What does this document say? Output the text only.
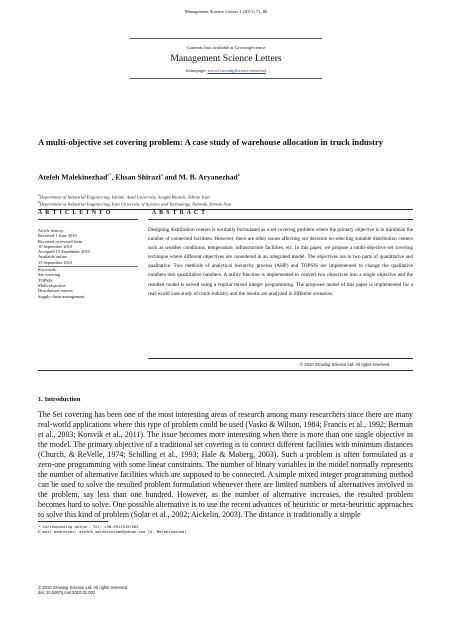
Management Science Letters 1 (2011) 71–80
Contents lists available at GrowingScience
Management Science Letters
homepage: www.GrowingScience.com/msl
A multi-objective set covering problem: A case study of warehouse allocation in truck industry
Atefeh Malekinezhad$^{a*}$, Ehsan Shirazi$^a$ and M. B. Aryanezhad$^b$
$^a$Department of Industrial Engineering, Islamic Azad University, Sought Branch, Tehran Iran
$^b$Department of Industrial Engineering, Iran University of Science and Technology, Narmak, Tehran Iran
A R T I C L E I N F O	A B S T R A C T
Article history:
Received 1 June 2010
Received in revised form
10 September 2010
Accepted 15 September 2010
Available online
15 September 2010
Keywords:
Set covering
TOPSIS
Multi-objective
Distribution centers
Supply chain management
Designing distribution centers is normally formulated as a set covering problem where the primary objective is to minimize the number of connected facilities. However, there are other issues affecting our decision on selecting suitable distribution centers such as weather conditions, temperature, infrastructure facilities, etc. In this paper, we propose a multi-objective set covering technique where different objectives are considered in an integrated model. The objectives are in two parts of quantitative and qualitative. Two methods of analytical hierarchy process (AHP) and TOPSIS are implemented to change the qualitative numbers into quantitative numbers. A utility function is implemented to convert two objectives into a single objective and the resulted model is solved using a regular mixed integer programming. The proposed model of this paper is implemented for a real-world case study of truck-industry and the results are analyzed in different scenarios.
© 2010 Growing Science Ltd. All rights reserved.
1. Introduction
The Set covering has been one of the most interesting areas of research among many researchers since there are many real-world applications where this type of problem could be used (Vasko & Wilson, 1984; Francis et al., 1992; Berman et al., 2003; Korsvik et al., 2011). The issue becomes more interesting when there is more than one single objective in the model. The primary objective of a traditional set covering is to connect different facilities with minimum distances (Church, & ReVelle, 1974; Schilling et al., 1993; Hale & Moberg, 2003). Such a problem is often formulated as a zero-one programming with some linear constraints. The number of binary variables in the model normally represents the number of alternative facilities which are supposed to be connected. A simple mixed integer programming method can be used to solve the resulted problem formulation whenever there are limited numbers of alternatives involved in the problem, say less than one hundred. However, as the number of alternative increases, the resulted problem becomes hard to solve. One possible alternative is to use the recent advances of heuristic or meta-heuristic approaches to solve this kind of problem (Solar et al., 2002; Aickelin, 2003). The distance is traditionally a simple
* Corresponding author. Tel: +98-09125157265
E-mail addresses: atefeh_malekinezhad@yahoo.com (A. Malekinezhad)
© 2010 Growing Science Ltd. All rights reserved.
doi: 10.5267/j.msl.2010.01.002
